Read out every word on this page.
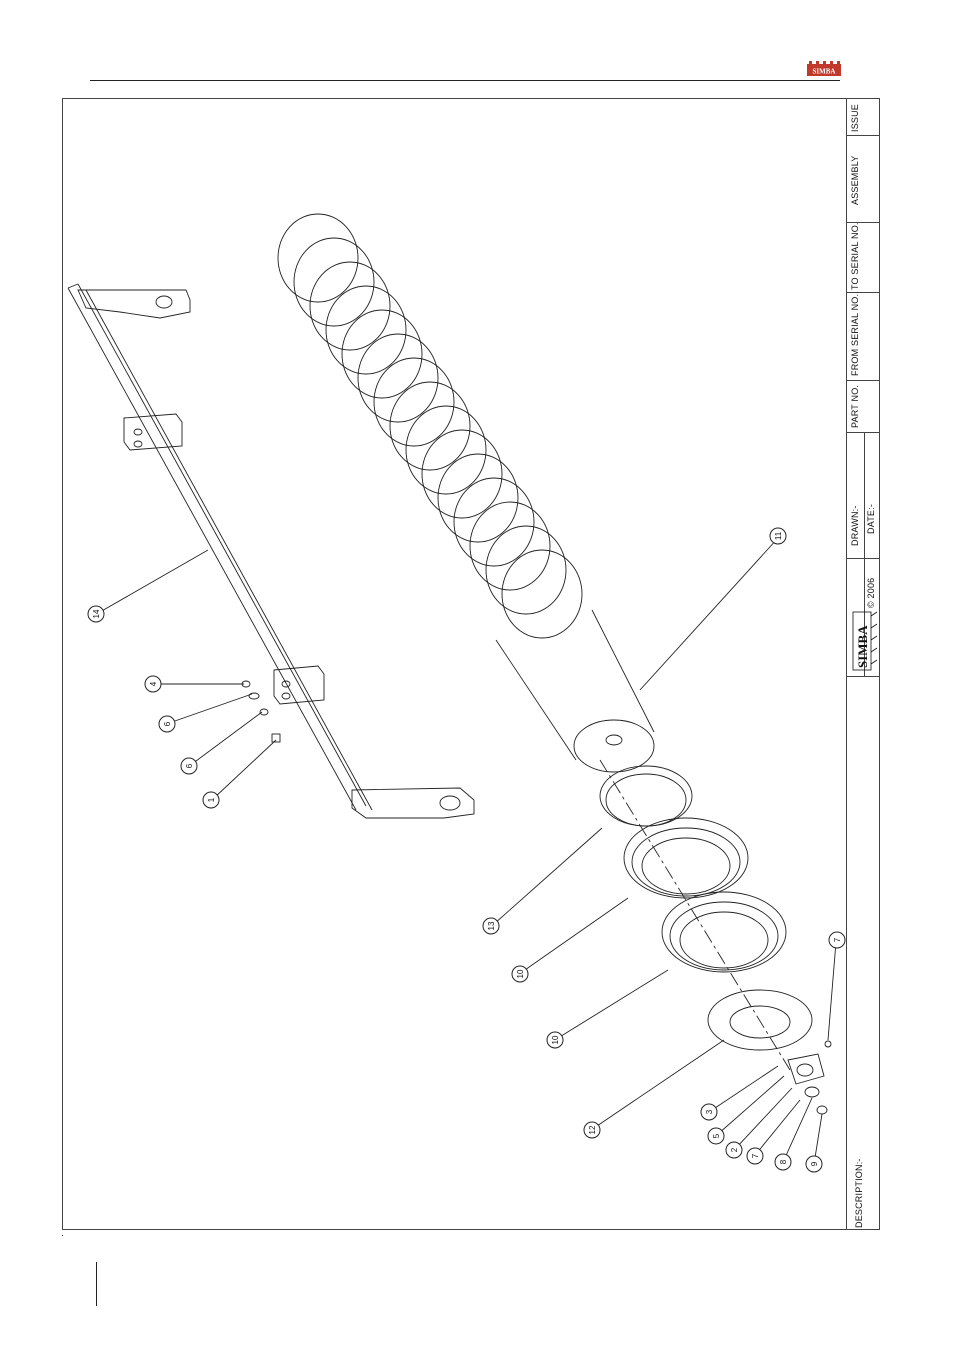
SIMBA
ISSUE
ASSEMBLY
TO SERIAL NO.
FROM SERIAL NO.
PART NO.
DRAWN:- DATE:-
© 2006
DESCRIPTION:-
SIMBA
14
4
6
6
1
11
13
10
10
7
12
3
5
2
7
8	9
